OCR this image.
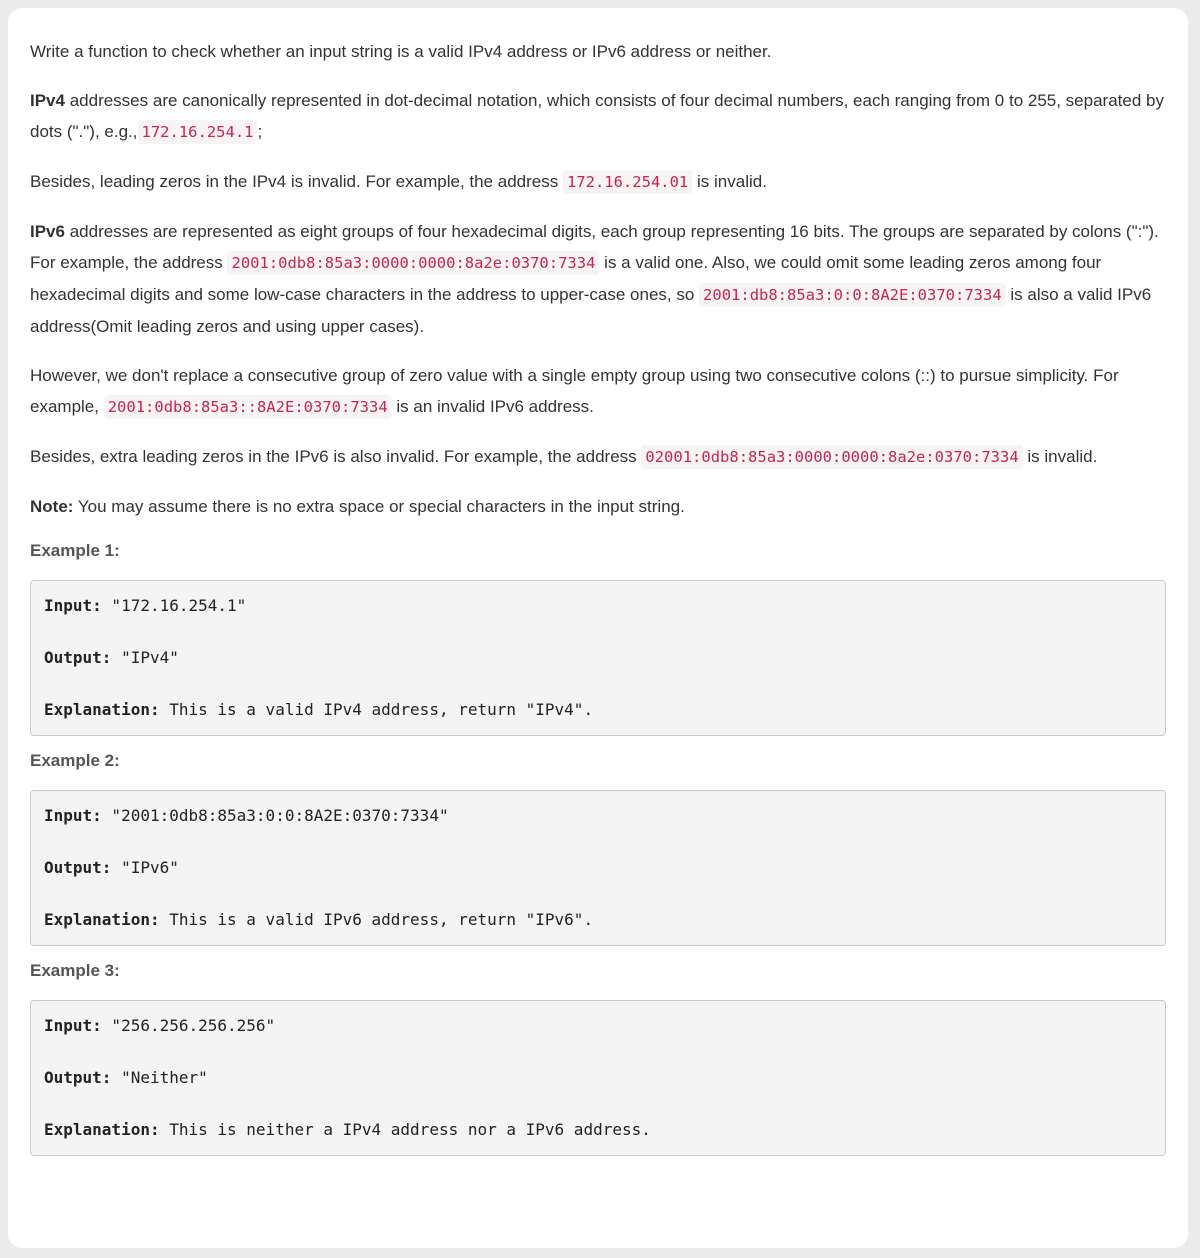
Write a function to check whether an input string is a valid IPv4 address or IPv6 address or neither.

IPv4 addresses are canonically represented in dot-decimal notation, which consists of four decimal numbers, each ranging from 0 to 255, separated by dots ("."), e.g., 172.16.254.1 ;

Besides, leading zeros in the IPv4 is invalid. For example, the address 172.16.254.01 is invalid.

IPv6 addresses are represented as eight groups of four hexadecimal digits, each group representing 16 bits. The groups are separated by colons (":"). For example, the address 2001:0db8:85a3:0000:0000:8a2e:0370:7334 is a valid one. Also, we could omit some leading zeros among four hexadecimal digits and some low-case characters in the address to upper-case ones, so 2001:db8:85a3:0:0:8A2E:0370:7334 is also a valid IPv6 address(Omit leading zeros and using upper cases).

However, we don't replace a consecutive group of zero value with a single empty group using two consecutive colons (::) to pursue simplicity. For example, 2001:0db8:85a3::8A2E:0370:7334 is an invalid IPv6 address.

Besides, extra leading zeros in the IPv6 is also invalid. For example, the address 02001:0db8:85a3:0000:0000:8a2e:0370:7334 is invalid.

Note: You may assume there is no extra space or special characters in the input string.

Example 1:
Input: "172.16.254.1"
Output: "IPv4"
Explanation: This is a valid IPv4 address, return "IPv4".
Example 2:
Input: "2001:0db8:85a3:0:0:8A2E:0370:7334"
Output: "IPv6"
Explanation: This is a valid IPv6 address, return "IPv6".
Example 3:
Input: "256.256.256.256"
Output: "Neither"
Explanation: This is neither a IPv4 address nor a IPv6 address.
